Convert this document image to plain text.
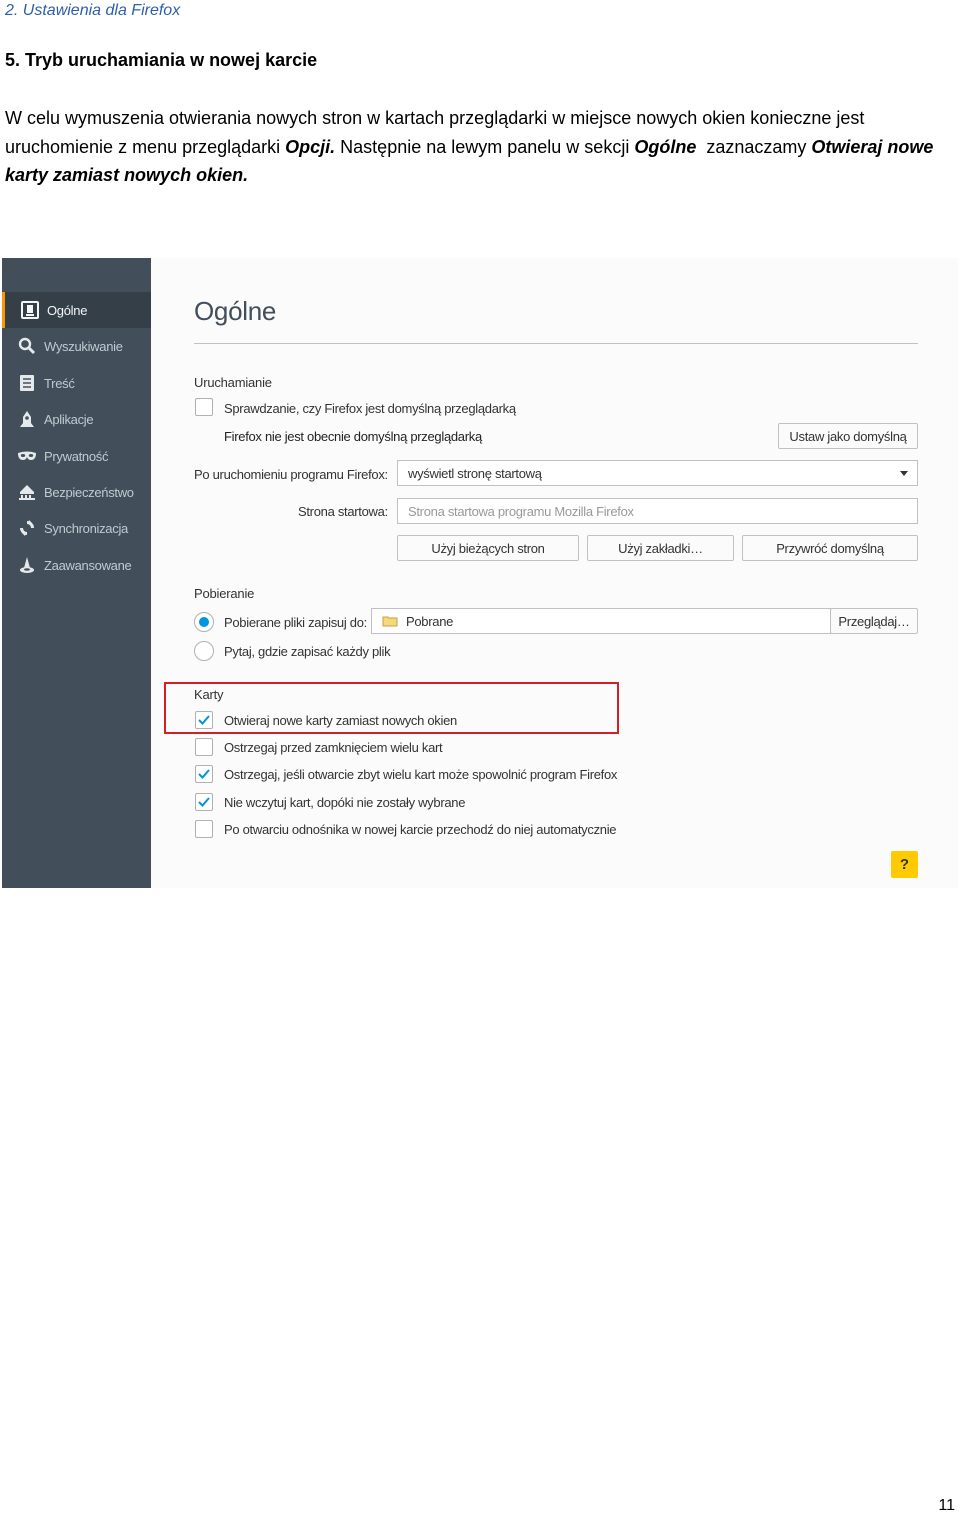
2. Ustawienia dla Firefox
5. Tryb uruchamiania w nowej karcie
W celu wymuszenia otwierania nowych stron w kartach przeglądarki w miejsce nowych okien konieczne jest uruchomienie z menu przeglądarki Opcji. Następnie na lewym panelu w sekcji Ogólne  zaznaczamy Otwieraj nowe karty zamiast nowych okien.
Ogólne
Wyszukiwanie
Treść
Aplikacje
Prywatność
Bezpieczeństwo
Synchronizacja
Zaawansowane
Ogólne
Uruchamianie
Sprawdzanie, czy Firefox jest domyślną przeglądarką
Firefox nie jest obecnie domyślną przeglądarką	Ustaw jako domyślną
Po uruchomieniu programu Firefox: wyświetl stronę startową
Strona startowa: Strona startowa programu Mozilla Firefox
Użyj bieżących stron	Użyj zakładki…	Przywróć domyślną
Pobieranie
Pobierane pliki zapisuj do:	Pobrane	Przeglądaj…
Pytaj, gdzie zapisać każdy plik
Karty
Otwieraj nowe karty zamiast nowych okien
Ostrzegaj przed zamknięciem wielu kart
Ostrzegaj, jeśli otwarcie zbyt wielu kart może spowolnić program Firefox
Nie wczytuj kart, dopóki nie zostały wybrane
Po otwarciu odnośnika w nowej karcie przechodź do niej automatycznie
?
11
